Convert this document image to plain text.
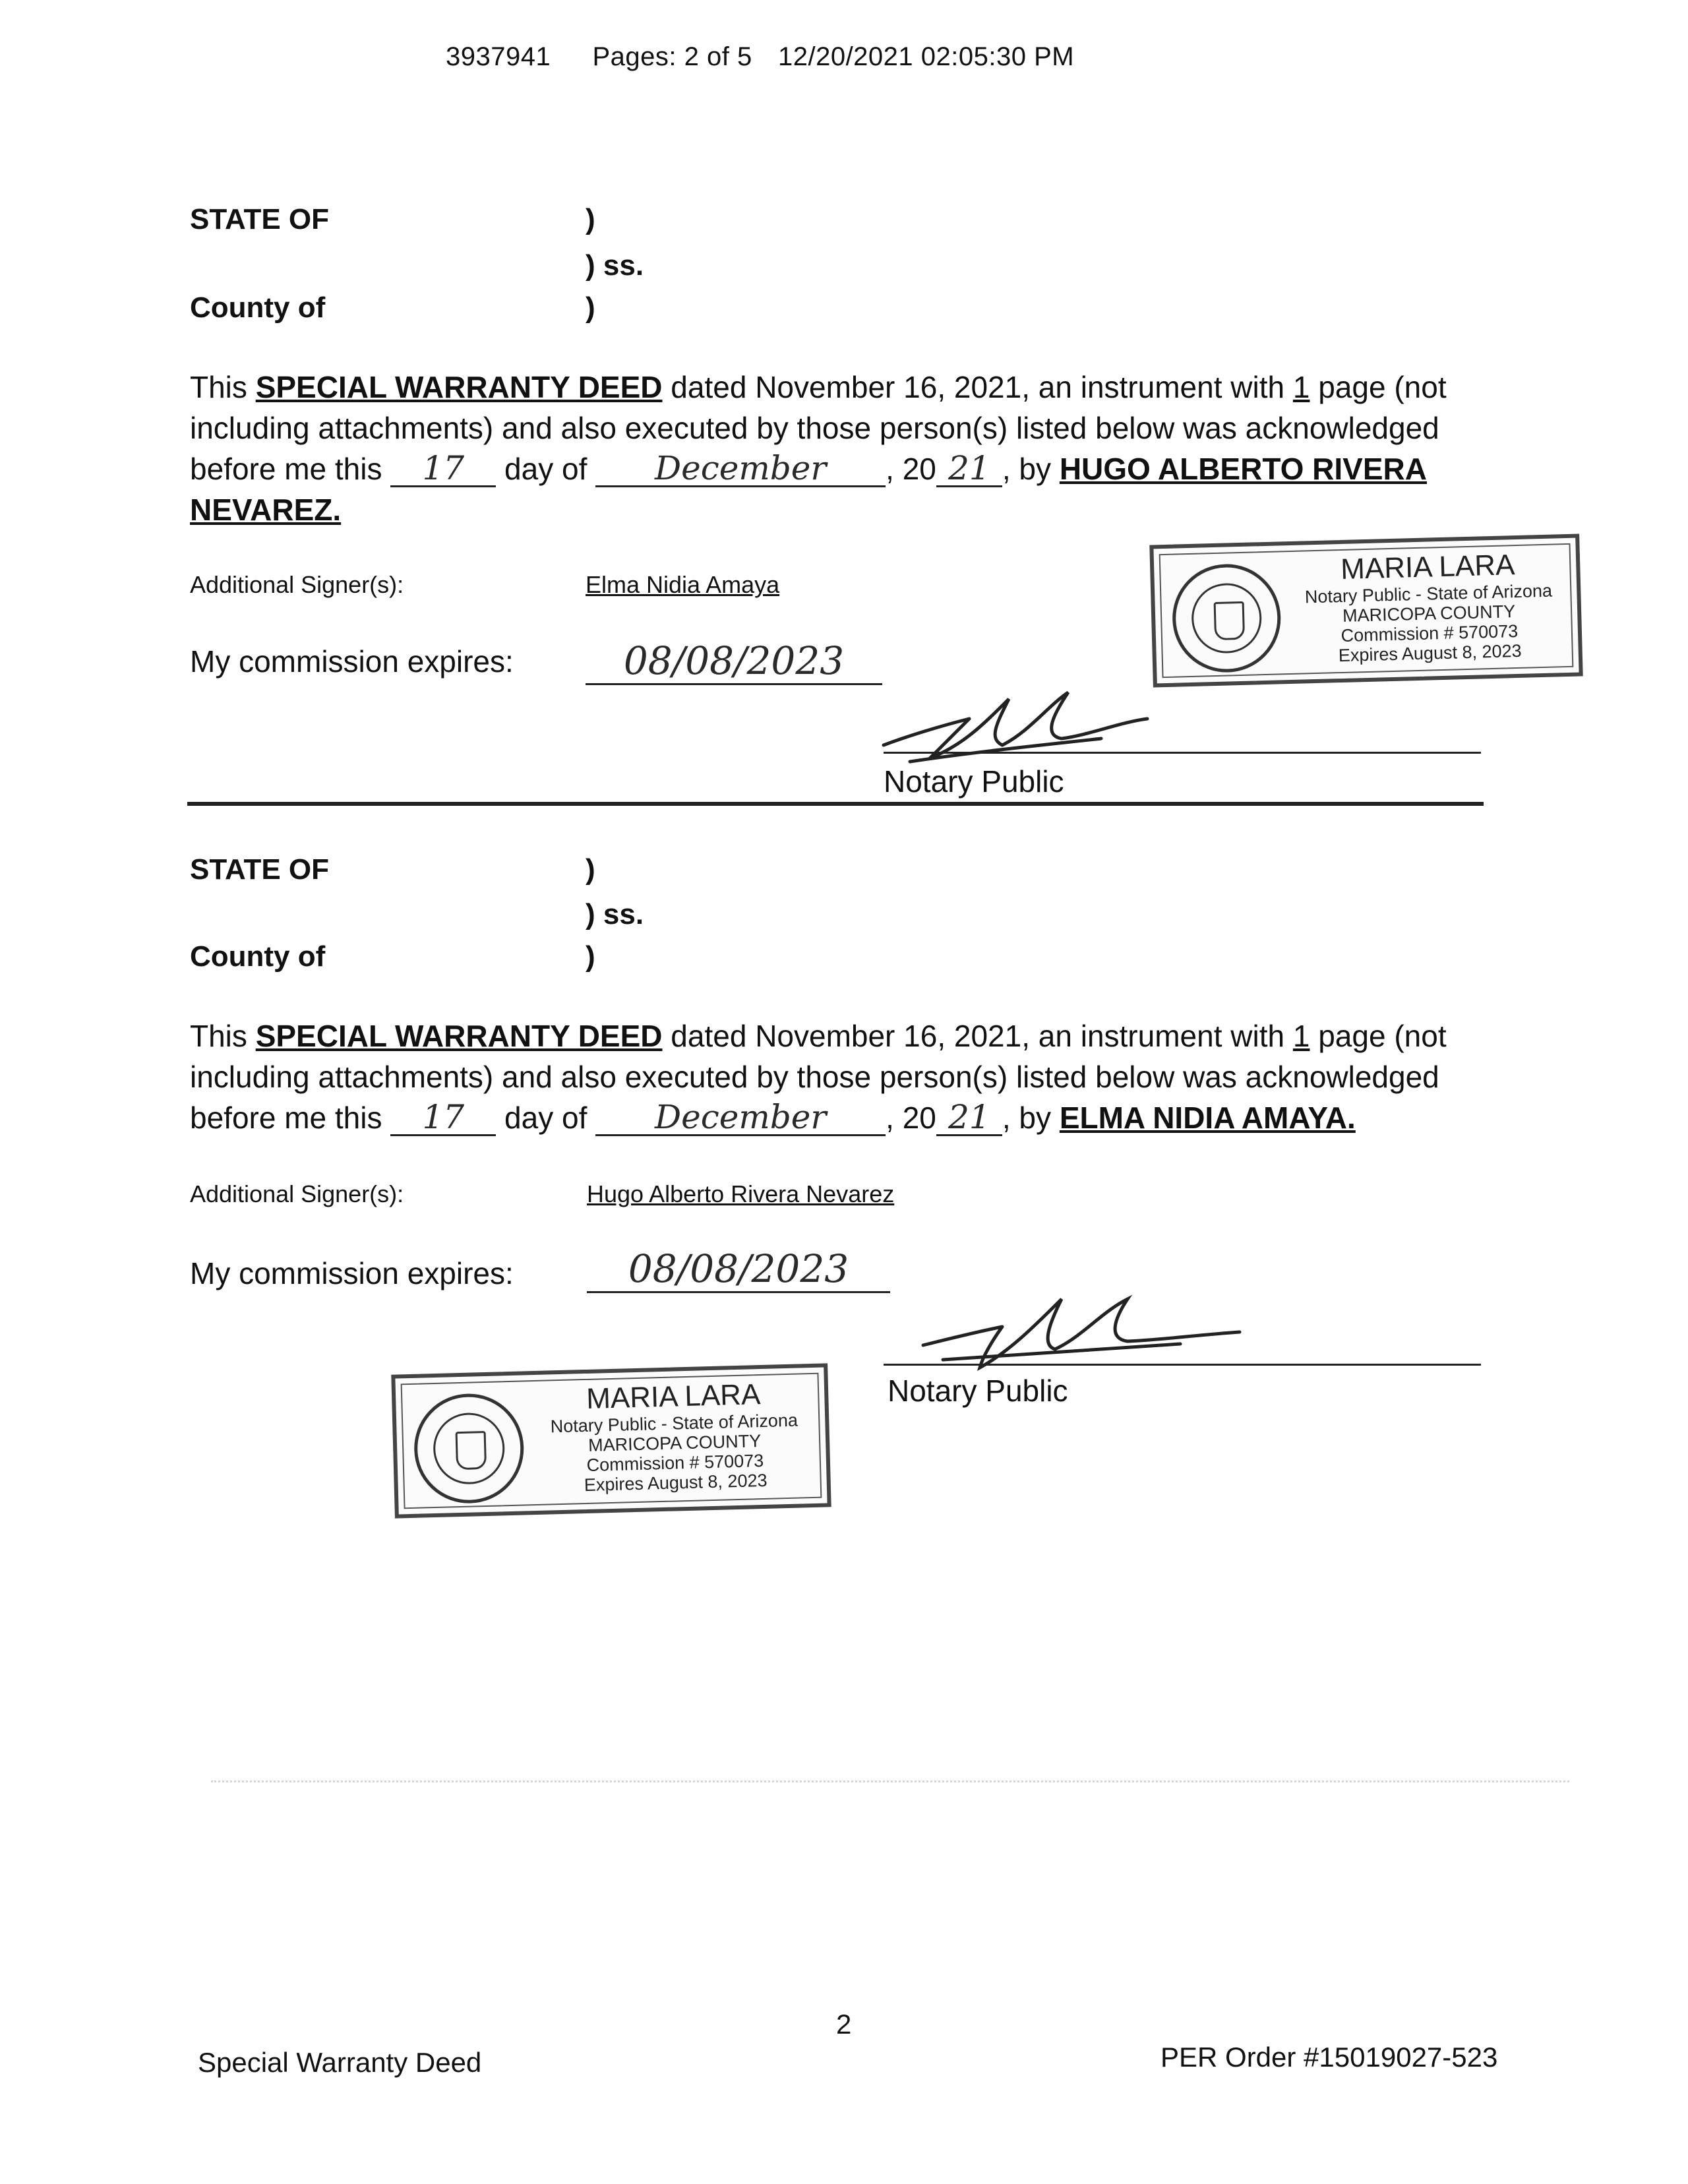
3937941 Pages: 2 of 5 12/20/2021 02:05:30 PM
STATE OF	)
) ss.
County of	)
This SPECIAL WARRANTY DEED dated November 16, 2021, an instrument with 1 page (not
including attachments) and also executed by those person(s) listed below was acknowledged
before me this 17 day of December , 20 21 , by HUGO ALBERTO RIVERA
NEVAREZ.
Additional Signer(s):	Elma Nidia Amaya
My commission expires:	08/08/2023
Notary Public
MARIA LARA
Notary Public - State of Arizona
MARICOPA COUNTY
Commission # 570073
Expires August 8, 2023
STATE OF	)
) ss.
County of	)
This SPECIAL WARRANTY DEED dated November 16, 2021, an instrument with 1 page (not
including attachments) and also executed by those person(s) listed below was acknowledged
before me this 17 day of December , 20 21 , by ELMA NIDIA AMAYA.
Additional Signer(s):	Hugo Alberto Rivera Nevarez
My commission expires:	08/08/2023
Notary Public
MARIA LARA
Notary Public - State of Arizona
MARICOPA COUNTY
Commission # 570073
Expires August 8, 2023
2
Special Warranty Deed	PER Order #15019027-523
